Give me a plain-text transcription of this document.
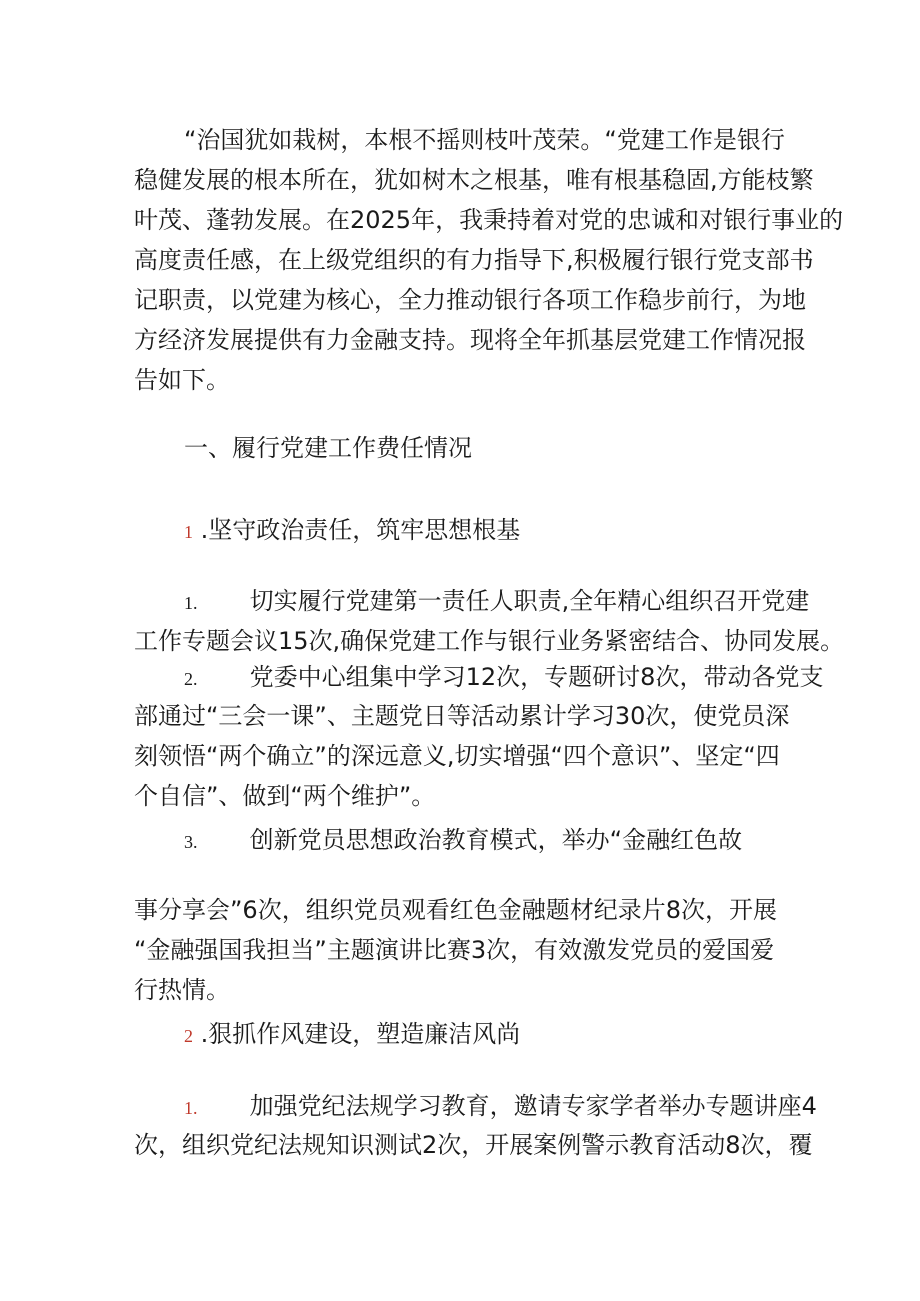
“治国犹如栽树，本根不摇则枝叶茂荣。“党建工作是银行
稳健发展的根本所在，犹如树木之根基，唯有根基稳固,方能枝繁
叶茂、蓬勃发展。在2025年，我秉持着对党的忠诚和对银行事业的
高度责任感，在上级党组织的有力指导下,积极履行银行党支部书
记职责，以党建为核心，全力推动银行各项工作稳步前行，为地
方经济发展提供有力金融支持。现将全年抓基层党建工作情况报
告如下。
一、履行党建工作费任情况
1 .坚守政治责任，筑牢思想根基
1. 切实履行党建第一责任人职责,全年精心组织召开党建
工作专题会议15次,确保党建工作与银行业务紧密结合、协同发展。
2. 党委中心组集中学习12次，专题研讨8次，带动各党支
部通过“三会一课”、主题党日等活动累计学习30次，使党员深
刻领悟“两个确立”的深远意义,切实增强“四个意识”、坚定“四
个自信”、做到“两个维护”。
3. 创新党员思想政治教育模式，举办“金融红色故
事分享会”6次，组织党员观看红色金融题材纪录片8次，开展
“金融强国我担当”主题演讲比赛3次，有效激发党员的爱国爱
行热情。
2 .狠抓作风建设，塑造廉洁风尚
1. 加强党纪法规学习教育，邀请专家学者举办专题讲座4
次，组织党纪法规知识测试2次，开展案例警示教育活动8次，覆
